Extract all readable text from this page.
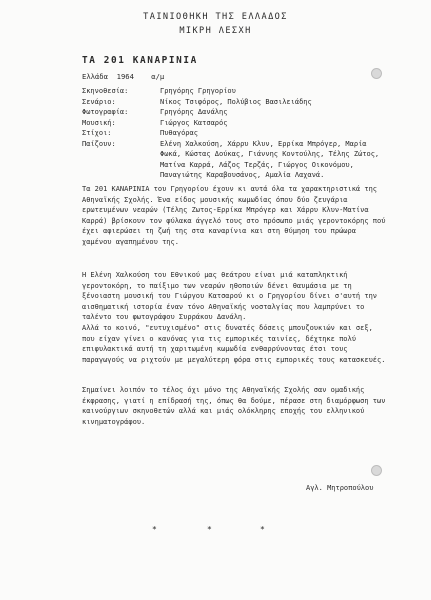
ΤΑΙΝΙΟΘΗΚΗ ΤΗΣ ΕΛΛΑΔΟΣ
ΜΙΚΡΗ ΛΕΣΧΗ
ΤΑ 201 ΚΑΝΑΡΙΝΙΑ
Ελλάδα 1964 α/μ
Σκηνοθεσία:	Γρηγόρης Γρηγορίου
Σενάριο:	Νίκος Τσιφόρος, Πολύβιος Βασιλειάδης
Φωτογραφία:	Γρηγόρης Δανάλης
Μουσική:	Γιώργος Κατσαρός
Στίχοι:	Πυθαγόρας
Παίζουν:	Ελένη Χαλκούση, Χάρρυ Κλυν, Ερρίκα Μπρόγερ, Μαρία Φωκά, Κώστας Δούκας, Γιάννης Κοντούλης, Τέλης Ζώτος, Ματίνα Καρρά, Λάζος Τερζάς, Γιώργος Οικονόμου, Παναγιώτης Καραβουσάνος, Αμαλία Λαχανά.

Τα 201 ΚΑΝΑΡΙΝΙΑ του Γρηγορίου έχουν κι αυτά όλα τα χαρακτηριστικά της Αθηναϊκής Σχολής. Ένα είδος μουσικής κωμωδίας όπου δύο ζευγάρια ερωτευμένων νεαρών (Τέλης Ζωτος-Ερρίκα Μπρόγερ και Χάρρυ Κλυν-Ματίνα Καρρά) βρίσκουν τον φύλακα άγγελό τους στο πρόσωπο μιάς γεροντοκόρης πού έχει αφιερώσει τη ζωή της στα καναρίνια και στη θύμηση του πρώωρα χαμένου αγαπημένου της.

Η Ελένη Χαλκούση του Εθνικού μας θεάτρου είναι μιά καταπληκτική γεροντοκόρη, το παίξιμο των νεαρών ηθοποιών δένει θαυμάσια με τη ξένοιαστη μουσική του Γιώργου Κατσαρού κι ο Γρηγορίου δίνει σ'αυτή την αισθηματική ιστορία έναν τόνο Αθηναϊκής νοσταλγίας που λαμπρύνει το ταλέντο του φωτογράφου Συρράκου Δανάλη.

Αλλά το κοινό, "ευτυχισμένο" στις δυνατές δόσεις μπουζουκιών και σεξ, που είχαν γίνει ο κανόνας για τις εμπορικές ταινίες, δέχτηκε πολύ επιφυλακτικά αυτή τη χαριτωμένη κωμωδία ενθαρρύνοντας έτσι τους παραγωγούς να ριχτούν με μεγαλύτερη φόρα στις εμπορικές τους κατασκευές.

Σημαίνει λοιπόν το τέλος όχι μόνο της Αθηναϊκής Σχολής σαν ομαδικής έκφρασης, γιατί η επίδρασή της, όπως θα δούμε, πέρασε στη διαμόρφωση των καινούργιων σκηνοθετών αλλά και μιάς ολόκληρης εποχής του ελληνικού κινηματογράφου.

Αγλ. Μητροπούλου
*	*	*
